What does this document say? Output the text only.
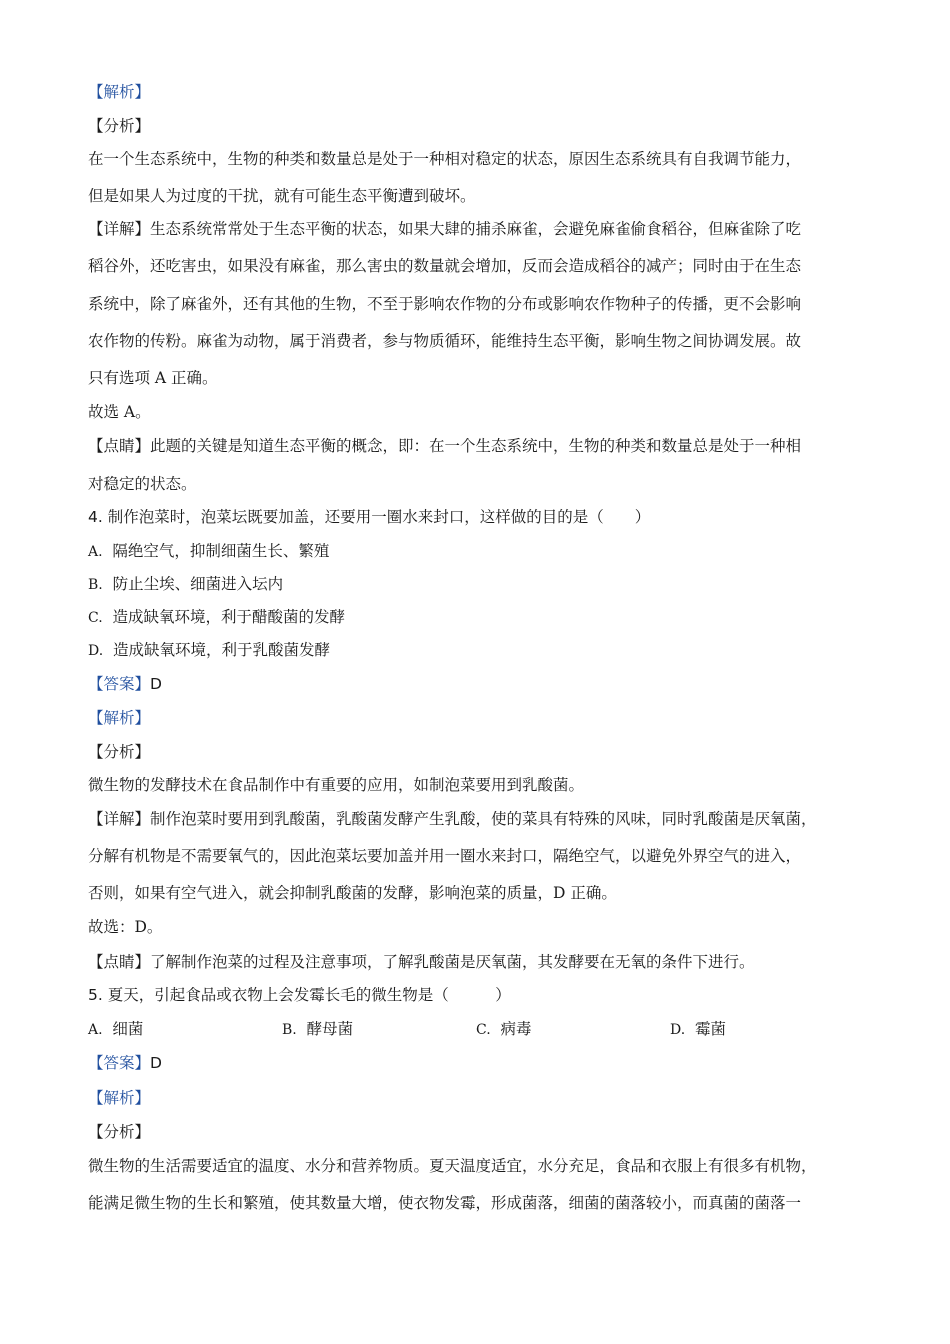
【解析】
【分析】
在一个生态系统中，生物的种类和数量总是处于一种相对稳定的状态，原因生态系统具有自我调节能力，
但是如果人为过度的干扰，就有可能生态平衡遭到破坏。
【详解】生态系统常常处于生态平衡的状态，如果大肆的捕杀麻雀，会避免麻雀偷食稻谷，但麻雀除了吃
稻谷外，还吃害虫，如果没有麻雀，那么害虫的数量就会增加，反而会造成稻谷的减产；同时由于在生态
系统中，除了麻雀外，还有其他的生物，不至于影响农作物的分布或影响农作物种子的传播，更不会影响
农作物的传粉。麻雀为动物，属于消费者，参与物质循环，能维持生态平衡，影响生物之间协调发展。故
只有选项 A 正确。
故选 A。
【点睛】此题的关键是知道生态平衡的概念，即：在一个生态系统中，生物的种类和数量总是处于一种相
对稳定的状态。
4. 制作泡菜时，泡菜坛既要加盖，还要用一圈水来封口，这样做的目的是（　　）
A. 隔绝空气，抑制细菌生长、繁殖
B. 防止尘埃、细菌进入坛内
C. 造成缺氧环境，利于醋酸菌的发酵
D. 造成缺氧环境，利于乳酸菌发酵
【答案】D
【解析】
【分析】
微生物的发酵技术在食品制作中有重要的应用，如制泡菜要用到乳酸菌。
【详解】制作泡菜时要用到乳酸菌，乳酸菌发酵产生乳酸，使的菜具有特殊的风味，同时乳酸菌是厌氧菌，
分解有机物是不需要氧气的，因此泡菜坛要加盖并用一圈水来封口，隔绝空气，以避免外界空气的进入，
否则，如果有空气进入，就会抑制乳酸菌的发酵，影响泡菜的质量，D 正确。
故选：D。
【点睛】了解制作泡菜的过程及注意事项，了解乳酸菌是厌氧菌，其发酵要在无氧的条件下进行。
5. 夏天，引起食品或衣物上会发霉长毛的微生物是（　　　）
A. 细菌	B. 酵母菌	C. 病毒	D. 霉菌
【答案】D
【解析】
【分析】
微生物的生活需要适宜的温度、水分和营养物质。夏天温度适宜，水分充足，食品和衣服上有很多有机物，
能满足微生物的生长和繁殖，使其数量大增，使衣物发霉，形成菌落，细菌的菌落较小，而真菌的菌落一
